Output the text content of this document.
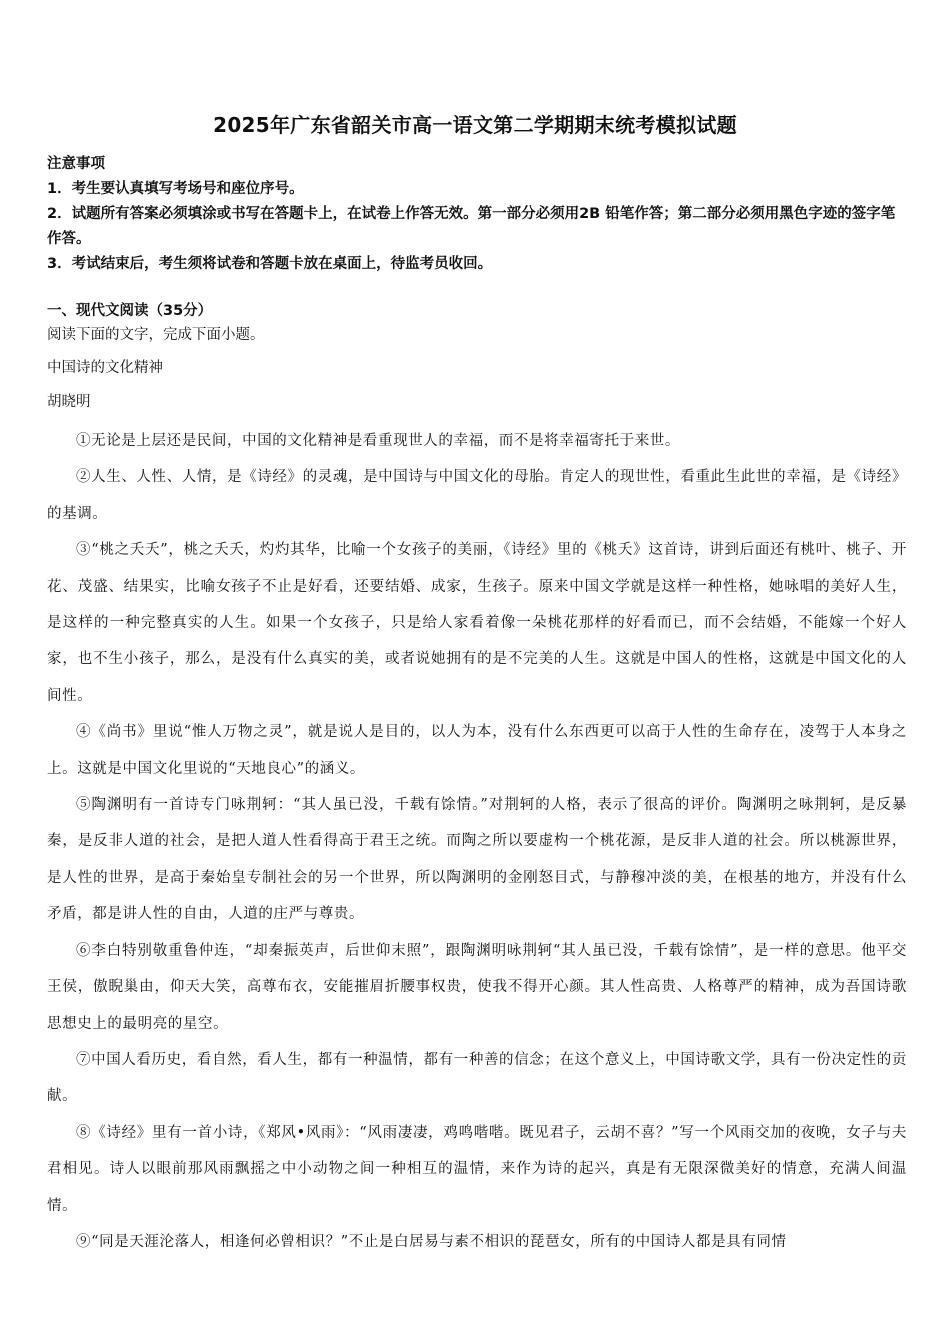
2025年广东省韶关市高一语文第二学期期末统考模拟试题
注意事项
1．考生要认真填写考场号和座位序号。
2．试题所有答案必须填涂或书写在答题卡上，在试卷上作答无效。第一部分必须用2B 铅笔作答；第二部分必须用黑色字迹的签字笔作答。
3．考试结束后，考生须将试卷和答题卡放在桌面上，待监考员收回。
一、现代文阅读（35分）
阅读下面的文字，完成下面小题。
中国诗的文化精神
胡晓明

①无论是上层还是民间，中国的文化精神是看重现世人的幸福，而不是将幸福寄托于来世。

②人生、人性、人情，是《诗经》的灵魂，是中国诗与中国文化的母胎。肯定人的现世性，看重此生此世的幸福，是《诗经》的基调。

③“桃之夭夭”，桃之夭夭，灼灼其华，比喻一个女孩子的美丽，《诗经》里的《桃夭》这首诗，讲到后面还有桃叶、桃子、开花、茂盛、结果实，比喻女孩子不止是好看，还要结婚、成家，生孩子。原来中国文学就是这样一种性格，她咏唱的美好人生，是这样的一种完整真实的人生。如果一个女孩子，只是给人家看着像一朵桃花那样的好看而已，而不会结婚，不能嫁一个好人家，也不生小孩子，那么，是没有什么真实的美，或者说她拥有的是不完美的人生。这就是中国人的性格，这就是中国文化的人间性。

④《尚书》里说“惟人万物之灵”，就是说人是目的，以人为本，没有什么东西更可以高于人性的生命存在，凌驾于人本身之上。这就是中国文化里说的“天地良心”的涵义。

⑤陶渊明有一首诗专门咏荆轲：“其人虽已没，千载有馀情。”对荆轲的人格，表示了很高的评价。陶渊明之咏荆轲，是反暴秦，是反非人道的社会，是把人道人性看得高于君王之统。而陶之所以要虚构一个桃花源，是反非人道的社会。所以桃源世界，是人性的世界，是高于秦始皇专制社会的另一个世界，所以陶渊明的金刚怒目式，与静穆冲淡的美，在根基的地方，并没有什么矛盾，都是讲人性的自由，人道的庄严与尊贵。

⑥李白特别敬重鲁仲连，“却秦振英声，后世仰末照”，跟陶渊明咏荆轲“其人虽已没，千载有馀情”，是一样的意思。他平交王侯，傲睨巢由，仰天大笑，高尊布衣，安能摧眉折腰事权贵，使我不得开心颜。其人性高贵、人格尊严的精神，成为吾国诗歌思想史上的最明亮的星空。

⑦中国人看历史，看自然，看人生，都有一种温情，都有一种善的信念；在这个意义上，中国诗歌文学，具有一份决定性的贡献。

⑧《诗经》里有一首小诗，《郑风•风雨》：“风雨凄凄，鸡鸣喈喈。既见君子，云胡不喜？”写一个风雨交加的夜晚，女子与夫君相见。诗人以眼前那风雨飘摇之中小动物之间一种相互的温情，来作为诗的起兴，真是有无限深微美好的情意，充满人间温情。

⑨“同是天涯沦落人，相逢何必曾相识？”不止是白居易与素不相识的琵琶女，所有的中国诗人都是具有同情
